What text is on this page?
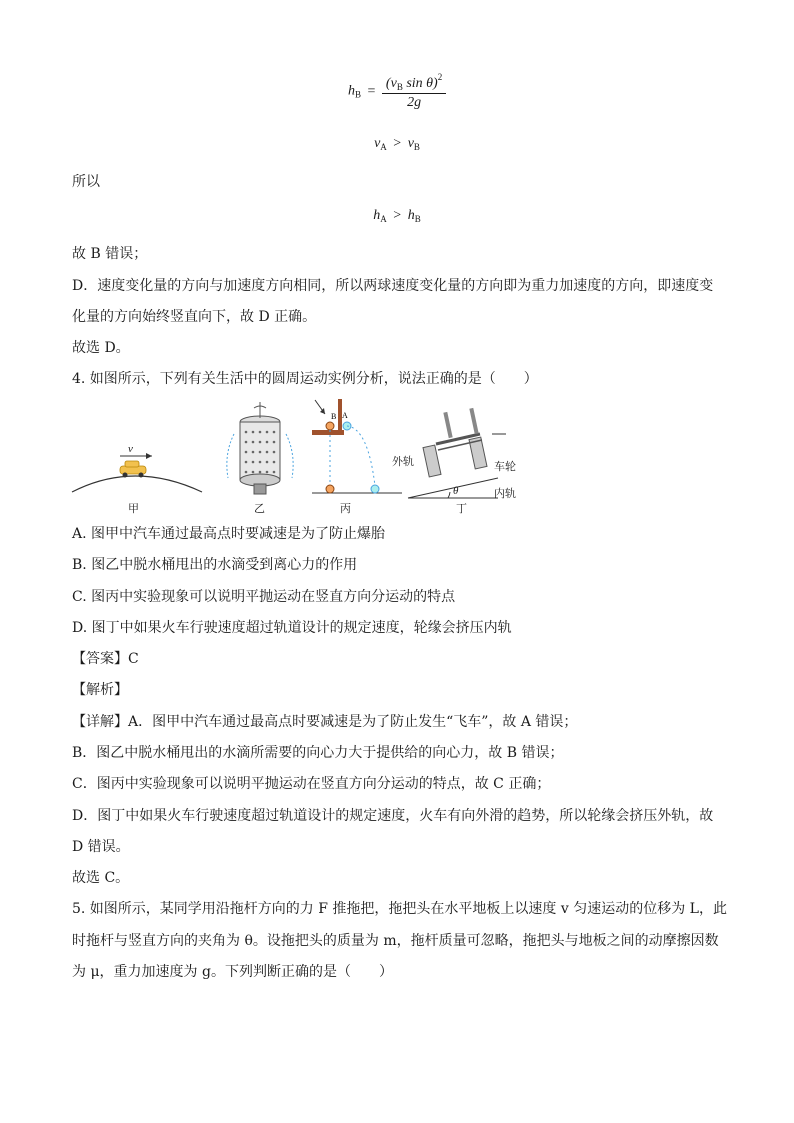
$h_B = \frac{(v_B \sin \theta)^2}{2g}$
$v_A > v_B$
所以
$h_A > h_B$
故 B 错误；
D．速度变化量的方向与加速度方向相同，所以两球速度变化量的方向即为重力加速度的方向，即速度变
化量的方向始终竖直向下，故 D 正确。
故选 D。
4. 如图所示，下列有关生活中的圆周运动实例分析，说法正确的是（　　）
B A
v
甲	乙	丙	丁
外轨	车轮
内轨
θ
A. 图甲中汽车通过最高点时要减速是为了防止爆胎
B. 图乙中脱水桶甩出的水滴受到离心力的作用
C. 图丙中实验现象可以说明平抛运动在竖直方向分运动的特点
D. 图丁中如果火车行驶速度超过轨道设计的规定速度，轮缘会挤压内轨
【答案】C
【解析】
【详解】A．图甲中汽车通过最高点时要减速是为了防止发生“飞车”，故 A 错误；
B．图乙中脱水桶甩出的水滴所需要的向心力大于提供给的向心力，故 B 错误；
C．图丙中实验现象可以说明平抛运动在竖直方向分运动的特点，故 C 正确；
D．图丁中如果火车行驶速度超过轨道设计的规定速度，火车有向外滑的趋势，所以轮缘会挤压外轨，故
D 错误。
故选 C。
5. 如图所示，某同学用沿拖杆方向的力 F 推拖把，拖把头在水平地板上以速度 v 匀速运动的位移为 L，此
时拖杆与竖直方向的夹角为 θ。设拖把头的质量为 m，拖杆质量可忽略，拖把头与地板之间的动摩擦因数
为 μ，重力加速度为 g。下列判断正确的是（　　）
